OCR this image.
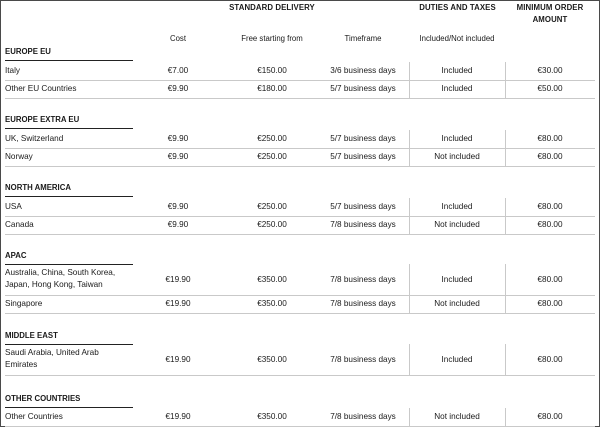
STANDARD DELIVERY	DUTIES AND TAXES	MINIMUM ORDER
AMOUNT
Cost	Free starting from	Timeframe	Included/Not included
EUROPE EU
Italy	€7.00	€150.00	3/6 business days	Included	€30.00
Other EU Countries	€9.90	€180.00	5/7 business days	Included	€50.00
EUROPE EXTRA EU
UK, Switzerland	€9.90	€250.00	5/7 business days	Included	€80.00
Norway	€9.90	€250.00	5/7 business days	Not included	€80.00
NORTH AMERICA
USA	€9.90	€250.00	5/7 business days	Included	€80.00
Canada	€9.90	€250.00	7/8 business days	Not included	€80.00
APAC
Australia, China, South Korea,
Japan, Hong Kong, Taiwan
€19.90	€350.00	7/8 business days	Included	€80.00
Singapore	€19.90	€350.00	7/8 business days	Not included	€80.00
MIDDLE EAST
Saudi Arabia, United Arab
Emirates
€19.90	€350.00	7/8 business days	Included	€80.00
OTHER COUNTRIES
Other Countries	€19.90	€350.00	7/8 business days	Not included	€80.00
